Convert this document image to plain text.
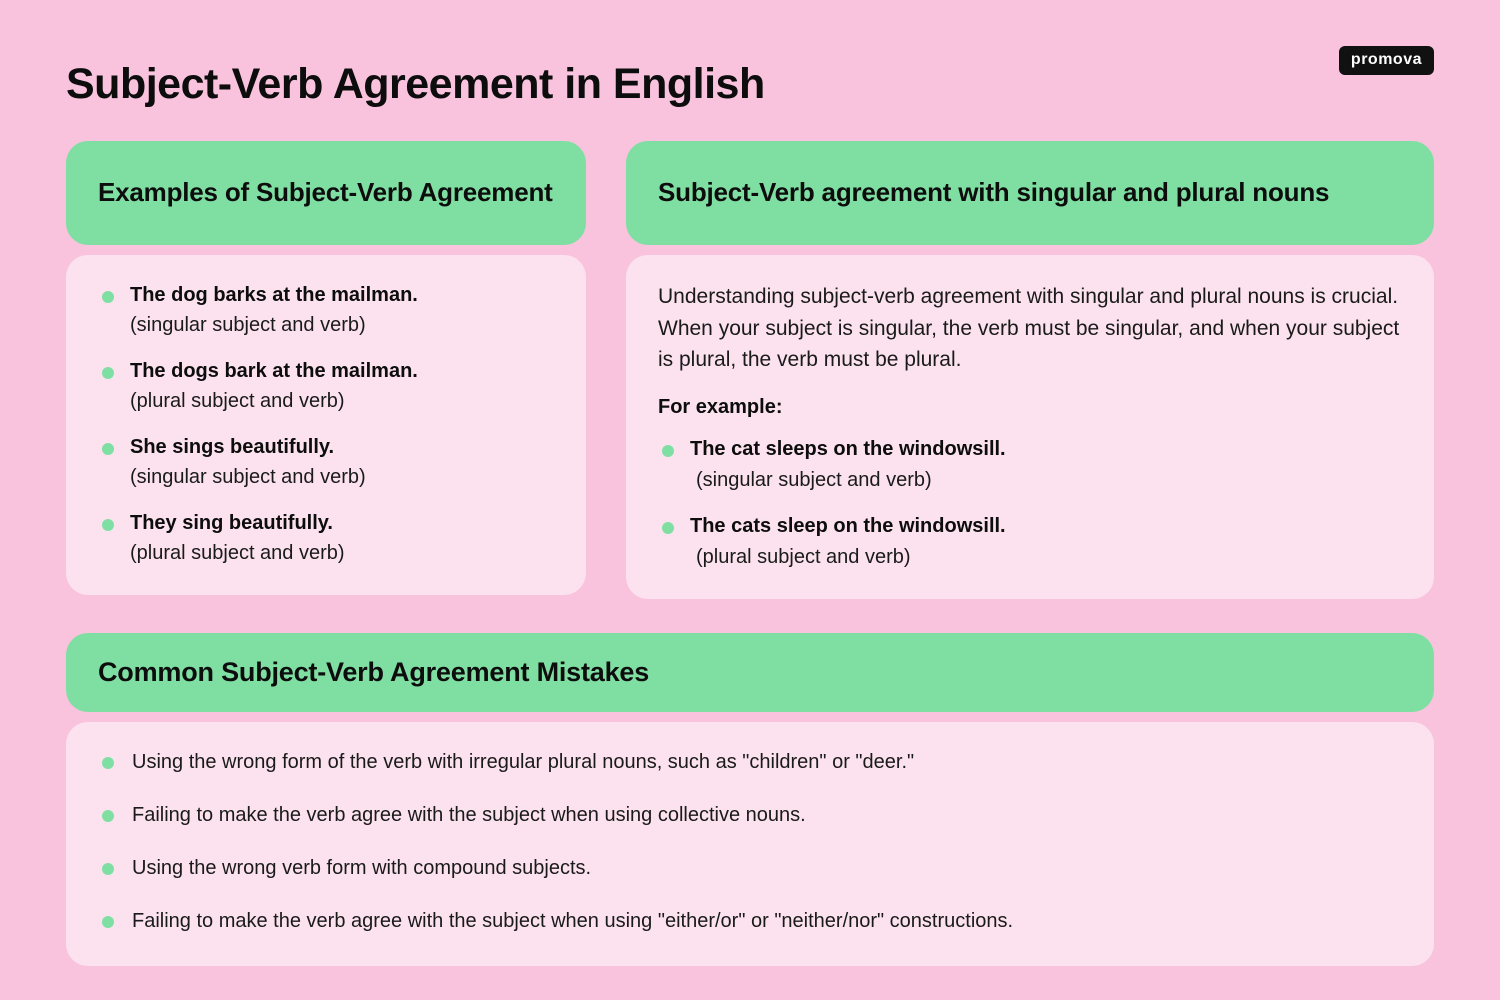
promova
Subject-Verb Agreement in English
Examples of Subject-Verb Agreement
The dog barks at the mailman.
(singular subject and verb)
The dogs bark at the mailman.
(plural subject and verb)
She sings beautifully.
(singular subject and verb)
They sing beautifully.
(plural subject and verb)
Subject-Verb agreement with singular and plural nouns

Understanding subject-verb agreement with singular and plural nouns is crucial. When your subject is singular, the verb must be singular, and when your subject is plural, the verb must be plural.

For example:
The cat sleeps on the windowsill.
(singular subject and verb)
The cats sleep on the windowsill.
(plural subject and verb)
Common Subject-Verb Agreement Mistakes
Using the wrong form of the verb with irregular plural nouns, such as "children" or "deer."
Failing to make the verb agree with the subject when using collective nouns.
Using the wrong verb form with compound subjects.
Failing to make the verb agree with the subject when using "either/or" or "neither/nor" constructions.
